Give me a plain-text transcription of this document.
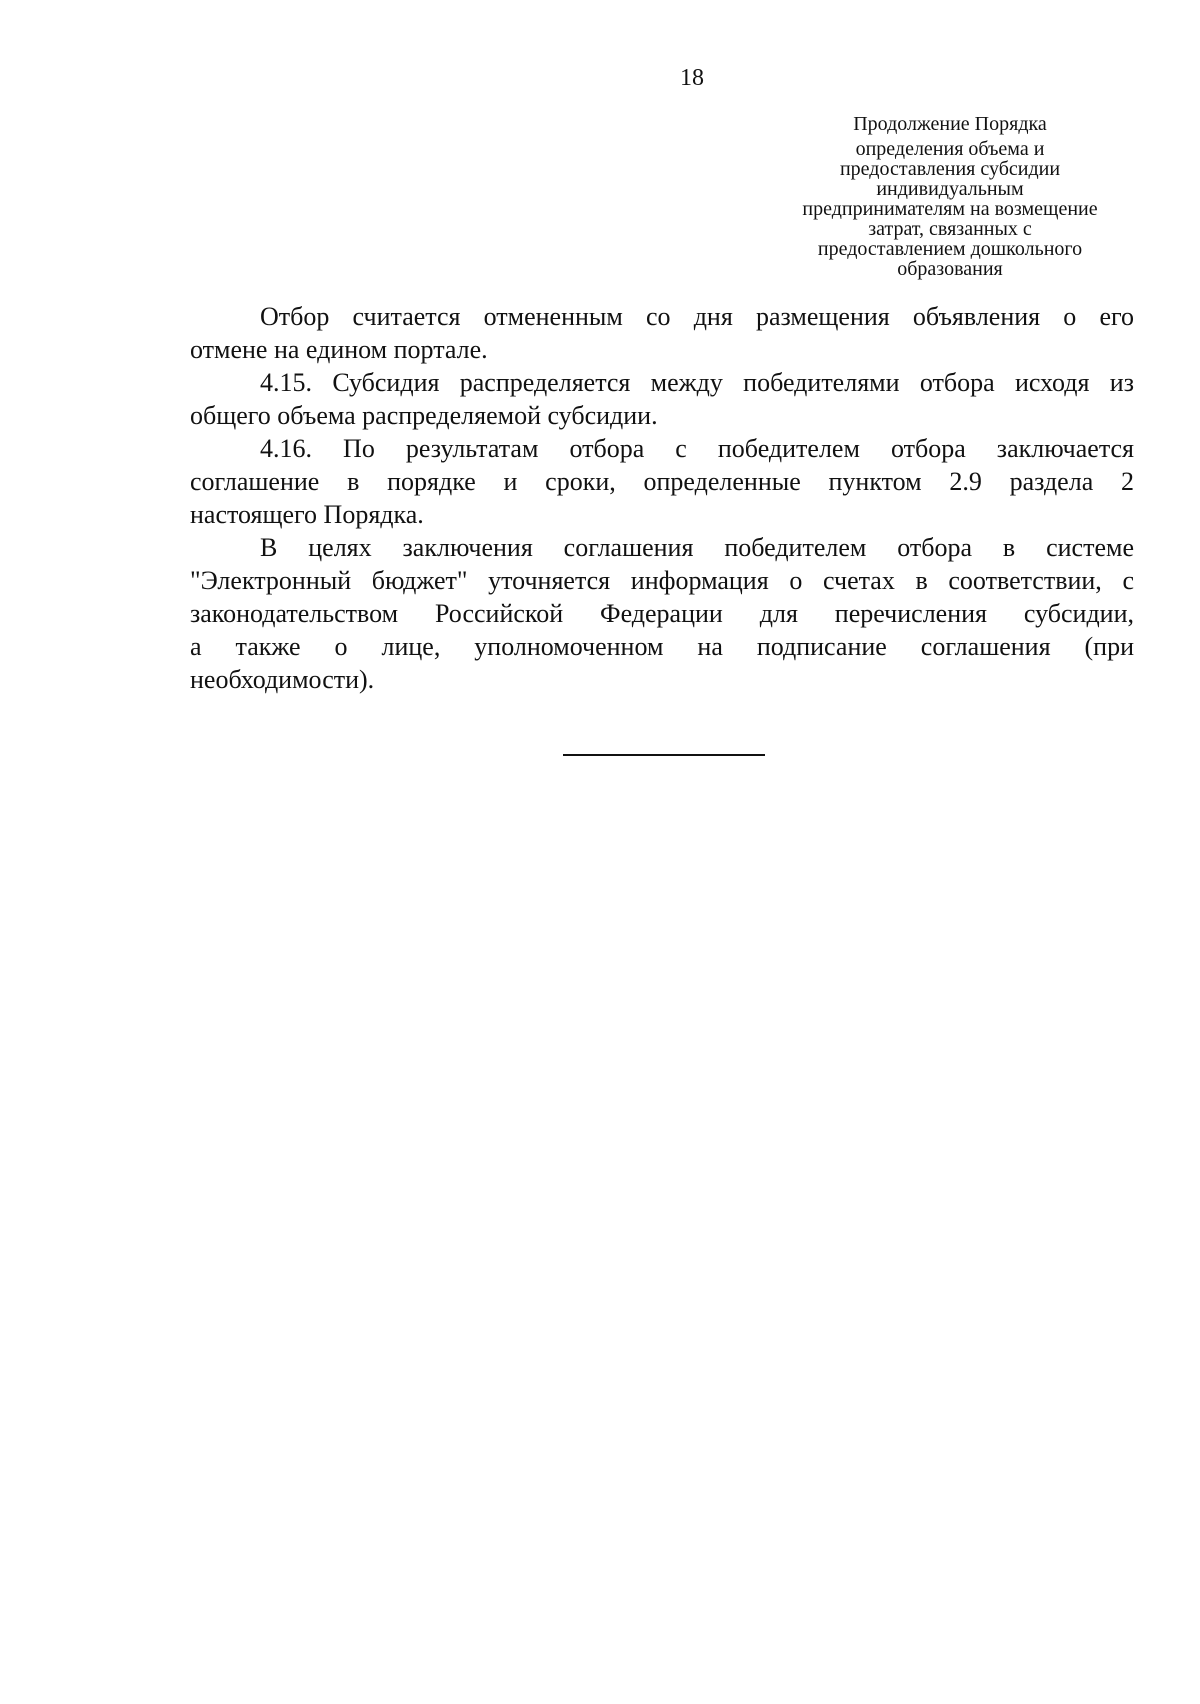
18
Продолжение Порядка
определения объема и
предоставления субсидии
индивидуальным
предпринимателям на возмещение
затрат, связанных с
предоставлением дошкольного
образования
Отбор считается отмененным со дня размещения объявления о его
отмене на едином портале.
4.15. Субсидия распределяется между победителями отбора исходя из
общего объема распределяемой субсидии.
4.16. По результатам отбора с победителем отбора заключается
соглашение в порядке и сроки, определенные пунктом 2.9 раздела 2
настоящего Порядка.
В целях заключения соглашения победителем отбора в системе
"Электронный бюджет" уточняется информация о счетах в соответствии, с
законодательством Российской Федерации для перечисления субсидии,
а также о лице, уполномоченном на подписание соглашения (при
необходимости).
